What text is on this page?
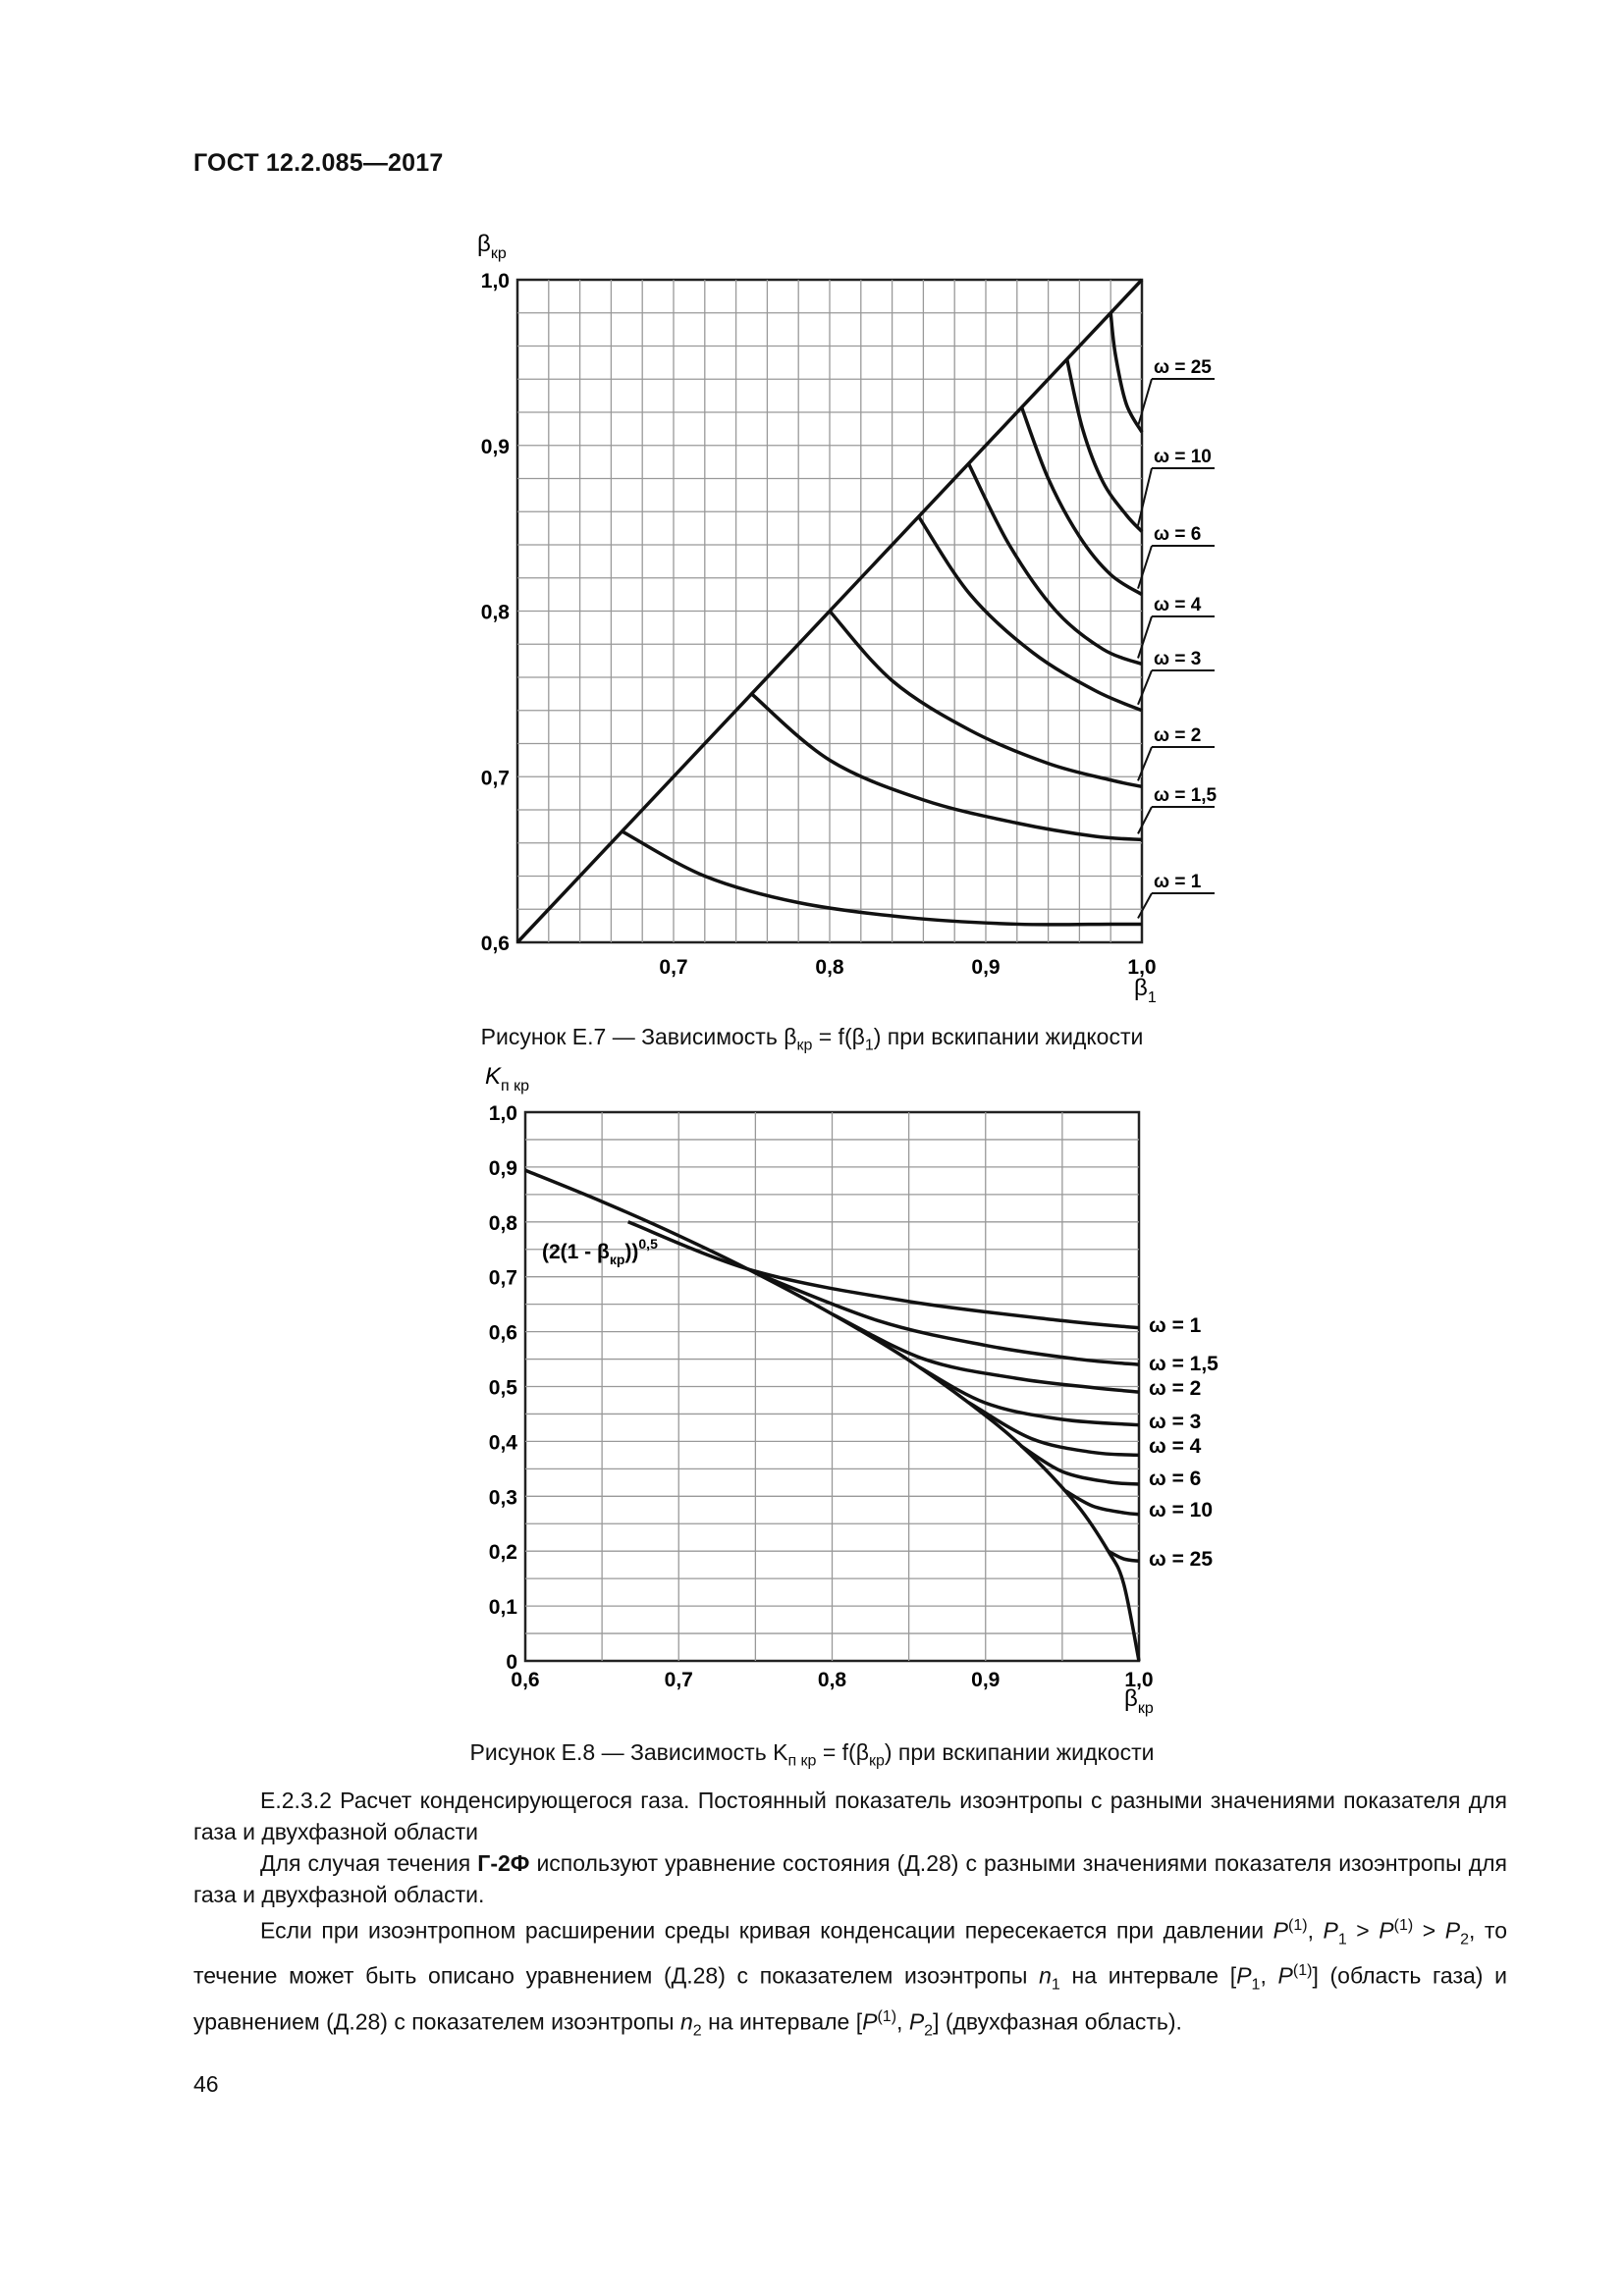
ГОСТ 12.2.085—2017
0,6
0,7
0,8
0,9
1,0
0,7	0,8	0,9	1,0
ω = 25
ω = 10
ω = 6
ω = 4
ω = 3
ω = 2
ω = 1,5
ω = 1
$\beta_{кр}$
$\beta_1$
Рисунок Е.7 — Зависимость $\beta_{кр} = f(\beta_1)$ при вскипании жидкости
0
0,1
0,2
0,3
0,4
0,5
0,6
0,7
0,8
0,9
1,0
0,6	0,7	0,8	0,9	1,0
ω = 1
ω = 1,5
ω = 2
ω = 3
ω = 4
ω = 6
ω = 10
ω = 25
$K_{п кр}$
$\beta_{кр}$
$(2(1 - \beta_{кр}))^{0,5}$
Рисунок Е.8 — Зависимость $K_{п кр} = f(\beta_{кр})$ при вскипании жидкости

Е.2.3.2 Расчет конденсирующегося газа. Постоянный показатель изоэнтропы с разными значениями показателя для газа и двухфазной области

Для случая течения Г-2Ф используют уравнение состояния (Д.28) с разными значениями показателя изоэнтропы для газа и двухфазной области.

Если при изоэнтропном расширении среды кривая конденсации пересекается при давлении $P^{(1)}$, $P_1 > P^{(1)} > P_2$, то течение может быть описано уравнением (Д.28) с показателем изоэнтропы $n_1$ на интервале [$P_1$, $P^{(1)}$] (область газа) и уравнением (Д.28) с показателем изоэнтропы $n_2$ на интервале [$P^{(1)}$, $P_2$] (двухфазная область).

46
